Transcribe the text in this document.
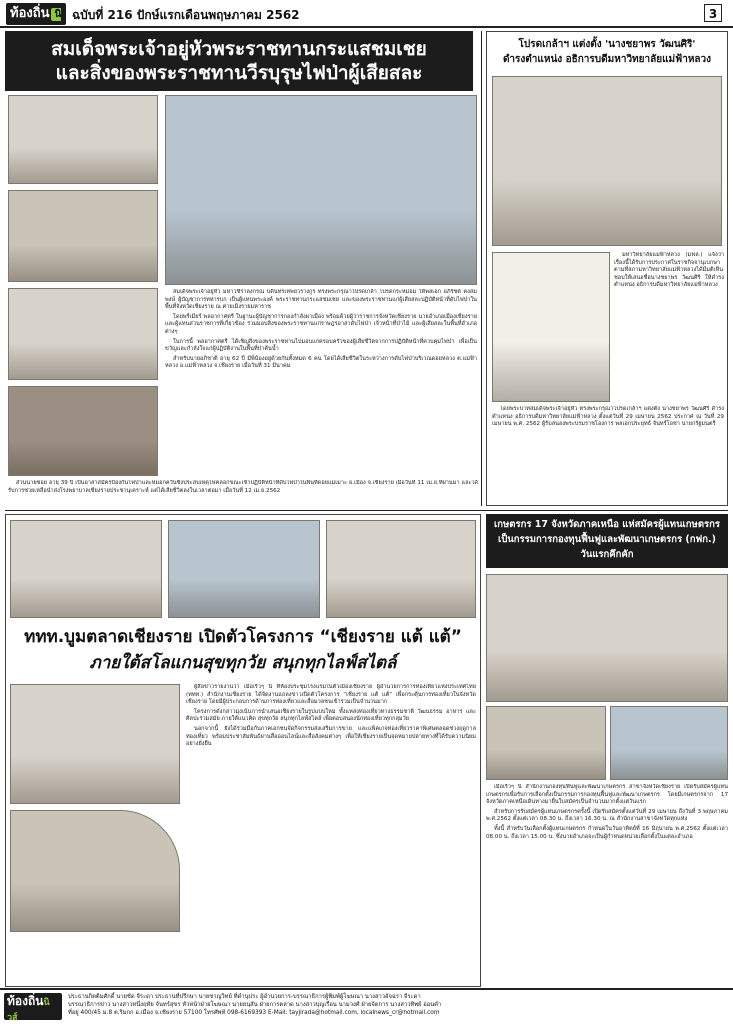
ท้องถิ่น นิ ฉบับที่ 216 ปักษ์แรกเดือนพฤษภาคม 2562	3
สมเด็จพระเจ้าอยู่หัวพระราชทานกระแสชมเชย
และสิ่งของพระราชทานวีรบุรุษไฟป่าผู้เสียสละ

สมเด็จพระเจ้าอยู่หัว มหาวชิราลงกรณ บดินทรเทพยวรางกูร ทรงพระกรุณาโปรดเกล้า โปรดกระหม่อม ให้พลเอก อภิรัชต์ คงสมพงษ์ ผู้บัญชาการทหารบก เป็นผู้แทนพระองค์ พระราชทานกระแสชมเชย และของพระราชทานแก่ผู้เสียสละปฏิบัติหน้าที่ดับไฟป่าในพื้นที่จังหวัดเชียงราย ณ ค่ายเม็งรายมหาราช

โดยพรีเมียร์ พลอากาศตรี ในฐานะผู้บัญชาการกองกำลังผาเมือง พร้อมด้วยผู้ว่าราชการจังหวัดเชียงราย นายอำเภอเมืองเชียงราย และผู้แทนส่วนราชการที่เกี่ยวข้อง ร่วมมอบสิ่งของพระราชทานแก่ราษฎรอาสาดับไฟป่า เจ้าหน้าที่ป่าไม้ และผู้เสียสละในพื้นที่อำเภอต่างๆ

ในการนี้ พลอากาศตรี ได้เชิญสิ่งของพระราชทานไปมอบแก่ครอบครัวของผู้เสียชีวิตจากการปฏิบัติหน้าที่ควบคุมไฟป่า เพื่อเป็นขวัญและกำลังใจแก่ผู้ปฏิบัติงานในพื้นที่ป่าต้นน้ำ

สำหรับนายอภิชาติ อายุ 62 ปี มีพี่น้องอยู่ด้วยกันทั้งหมด 6 คน โดยได้เสียชีวิตในระหว่างการดับไฟป่าบริเวณดอยหลวง ต.แม่ฟ้าหลวง อ.แม่ฟ้าหลวง จ.เชียงราย เมื่อวันที่ 31 มีนาคม

ส่วนนายซอย อายุ 39 ปี เป็นอาสาสมัครป้องกันไฟป่าและหมอกควันซึ่งประสบเหตุไฟคลอกขณะเข้าปฏิบัติหน้าที่ดับไฟป่าในพื้นที่ดอยแม่เมาะ อ.เมือง จ.เชียงราย เมื่อวันที่ 11 เม.ย.ที่ผ่านมา และได้รับการช่วยเหลือนำส่งโรงพยาบาลเชียงรายประชานุเคราะห์ แต่ได้เสียชีวิตลงในเวลาต่อมา เมื่อวันที่ 12 เม.ย.2562

โปรดเกล้าฯ แต่งตั้ง 'นางชยาพร วัฒนศิริ'
ดำรงตำแหน่ง อธิการบดีมหาวิทยาลัยแม่ฟ้าหลวง

มหาวิทยาลัยแม่ฟ้าหลวง (มฟล.) แจ้งว่า เรื่องนี้ได้รับการประกาศในราชกิจจานุเบกษา ตามที่สภามหาวิทยาลัยแม่ฟ้าหลวงได้มีมติเห็นชอบให้เสนอชื่อนางชยาพร วัฒนศิริ ให้ดำรงตำแหน่ง อธิการบดีมหาวิทยาลัยแม่ฟ้าหลวง

โดยพระบาทสมเด็จพระเจ้าอยู่หัว ทรงพระกรุณาโปรดเกล้าฯ แต่งตั้ง นางชยาพร วัฒนศิริ ดำรงตำแหน่ง อธิการบดีมหาวิทยาลัยแม่ฟ้าหลวง ตั้งแต่วันที่ 29 เมษายน 2562 ประกาศ ณ วันที่ 29 เมษายน พ.ศ. 2562 ผู้รับสนองพระบรมราชโองการ พลเอกประยุทธ์ จันทร์โอชา นายกรัฐมนตรี

ททท.บูมตลาดเชียงราย เปิดตัวโครงการ “เชียงราย แต้ แต้”
ภายใต้สโลแกนสุขทุกวัย สนุกทุกไลฟ์สไตล์

ผู้สื่อข่าวรายงานว่า เมื่อเร็วๆ นี้ ที่ห้องประชุมโรงแรมในตัวเมืองเชียงราย ผู้อำนวยการการท่องเที่ยวแห่งประเทศไทย (ททท.) สำนักงานเชียงราย ได้จัดงานแถลงข่าวเปิดตัวโครงการ “เชียงราย แต้ แต้” เพื่อกระตุ้นการท่องเที่ยวในจังหวัดเชียงราย โดยมีผู้ประกอบการด้านการท่องเที่ยวและสื่อมวลชนเข้าร่วมเป็นจำนวนมาก

โครงการดังกล่าวมุ่งเน้นการนำเสนอเชียงรายในรูปแบบใหม่ ทั้งแหล่งท่องเที่ยวทางธรรมชาติ วัฒนธรรม อาหาร และศิลปะร่วมสมัย ภายใต้แนวคิด สุขทุกวัย สนุกทุกไลฟ์สไตล์ เพื่อตอบสนองนักท่องเที่ยวทุกกลุ่มวัย

นอกจากนี้ ยังได้ร่วมมือกับภาคเอกชนจัดกิจกรรมส่งเสริมการขาย และแพ็คเกจท่องเที่ยวราคาพิเศษตลอดช่วงฤดูกาลท่องเที่ยว พร้อมประชาสัมพันธ์ผ่านสื่อออนไลน์และสื่อสังคมต่างๆ เพื่อให้เชียงรายเป็นจุดหมายปลายทางที่ได้รับความนิยมอย่างยั่งยืน

เกษตรกร 17 จังหวัดภาคเหนือ แห่สมัครผู้แทนเกษตรกร
เป็นกรรมการกองทุนฟื้นฟูและพัฒนาเกษตรกร (กฟก.)
วันแรกคึกคัก

เมื่อเร็วๆ นี้ สำนักงานกองทุนฟื้นฟูและพัฒนาเกษตรกร สาขาจังหวัดเชียงราย เปิดรับสมัครผู้แทนเกษตรกรเพื่อรับการเลือกตั้งเป็นกรรมการกองทุนฟื้นฟูและพัฒนาเกษตรกร โดยมีเกษตรกรจาก 17 จังหวัดภาคเหนือเดินทางมายื่นใบสมัครเป็นจำนวนมากตั้งแต่วันแรก

สำหรับการรับสมัครผู้แทนเกษตรกรครั้งนี้ เปิดรับสมัครตั้งแต่วันที่ 29 เมษายน ถึงวันที่ 3 พฤษภาคม พ.ศ.2562 ตั้งแต่เวลา 08.30 น. ถึงเวลา 16.30 น. ณ สำนักงานสาขาจังหวัดทุกแห่ง

ทั้งนี้ สำหรับวันเลือกตั้งผู้แทนเกษตรกร กำหนดในวันอาทิตย์ที่ 16 มิถุนายน พ.ศ.2562 ตั้งแต่เวลา 08.00 น. ถึงเวลา 15.00 น. ซึ่งนายอำเภอจะเป็นผู้กำหนดหน่วยเลือกตั้งในแต่ละอำเภอ

ท้องถิ่นนิวส์
Local News
ประธานกิตติมศักดิ์ นายชัด จีระดา ประธานที่ปรึกษา นายชาญวิทย์ ที่ดำนุประ ผู้อำนวยการ-บรรณาธิการผู้พิมพ์ผู้โฆษณา นางสาวอัจฉรา จีระดา
บรรณาธิการข่าว นางสาวหนึ่งฤทัย จันทร์สุขร หัวหน้าฝ่ายโฆษณา นายยนุสัน ฝ่ายการตลาด นางสาวบุญเรือน นามวงศ์ ฝ่ายจัดการ นางสาวทิพย์ อ่อนคำ
ที่อยู่ 400/45 ม.8 ต.ริมกก อ.เมือง จ.เชียงราย 57100 โทรศัพท์ 098-6169393 E-Mail: tayjirada@hotmail.com, localnews_cr@hotmail.com
